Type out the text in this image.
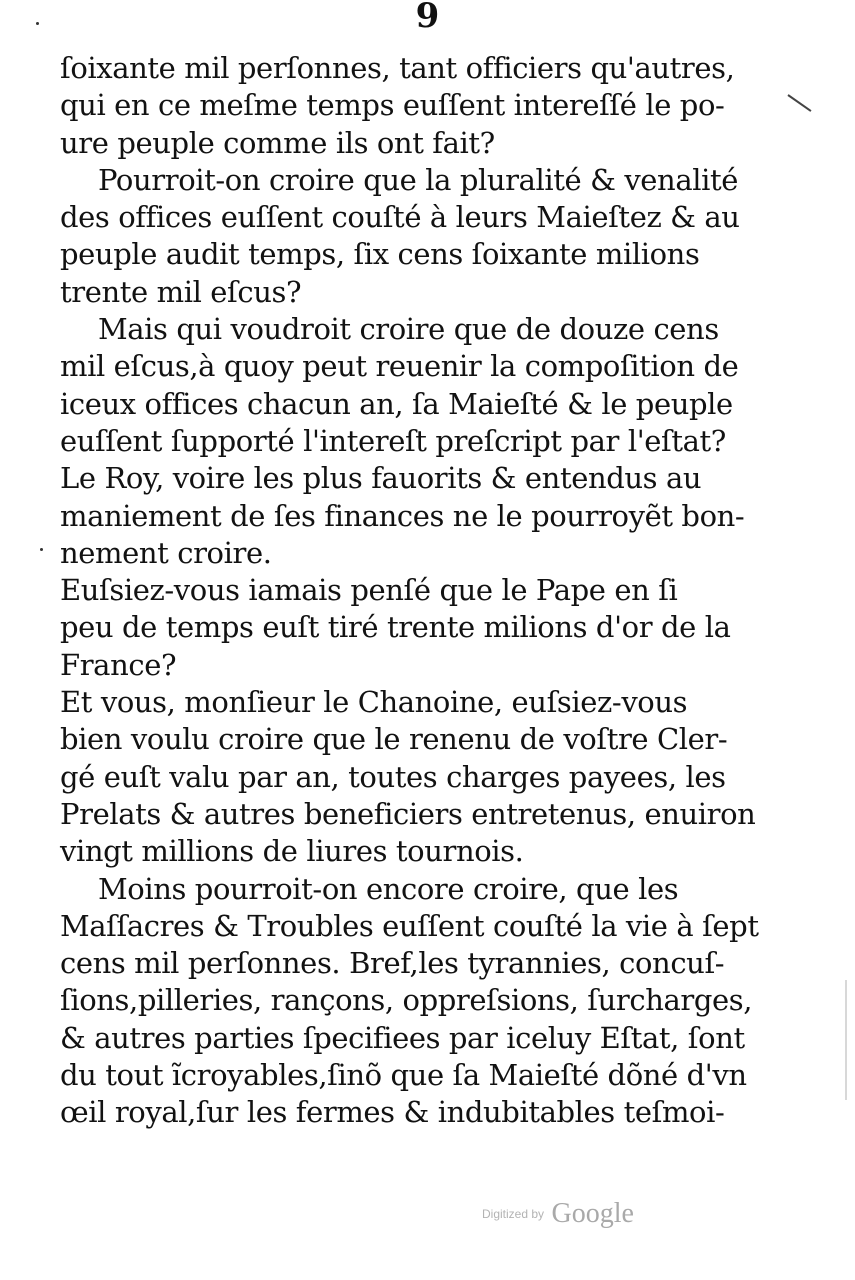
9
ſoixante mil perſonnes, tant officiers qu'autres,
qui en ce meſme temps euſſent intereſſé le po-
ure peuple comme ils ont fait?
Pourroit-on croire que la pluralité & venalité
des offices euſſent couſté à leurs Maieſtez & au
peuple audit temps, ſix cens ſoixante milions
trente mil eſcus?
Mais qui voudroit croire que de douze cens
mil eſcus,à quoy peut reuenir la compoſition de
iceux offices chacun an, ſa Maieſté & le peuple
euſſent ſupporté l'intereſt preſcript par l'eſtat?
Le Roy, voire les plus fauorits & entendus au
maniement de ſes finances ne le pourroyẽt bon-
nement croire.
Euſsiez-vous iamais penſé que le Pape en ſi
peu de temps euſt tiré trente milions d'or de la
France?
Et vous, monſieur le Chanoine, euſsiez-vous
bien voulu croire que le renenu de voſtre Cler-
gé euſt valu par an, toutes charges payees, les
Prelats & autres beneficiers entretenus, enuiron
vingt millions de liures tournois.
Moins pourroit-on encore croire, que les
Maſſacres & Troubles euſſent couſté la vie à ſept
cens mil perſonnes. Bref,les tyrannies, concuſ-
ſions,pilleries, rançons, oppreſsions, ſurcharges,
& autres parties ſpecifiees par iceluy Eſtat, ſont
du tout ĩcroyables,ſinõ que ſa Maieſté dõné d'vn
œil royal,ſur les fermes & indubitables teſmoi-
Digitized by Google
